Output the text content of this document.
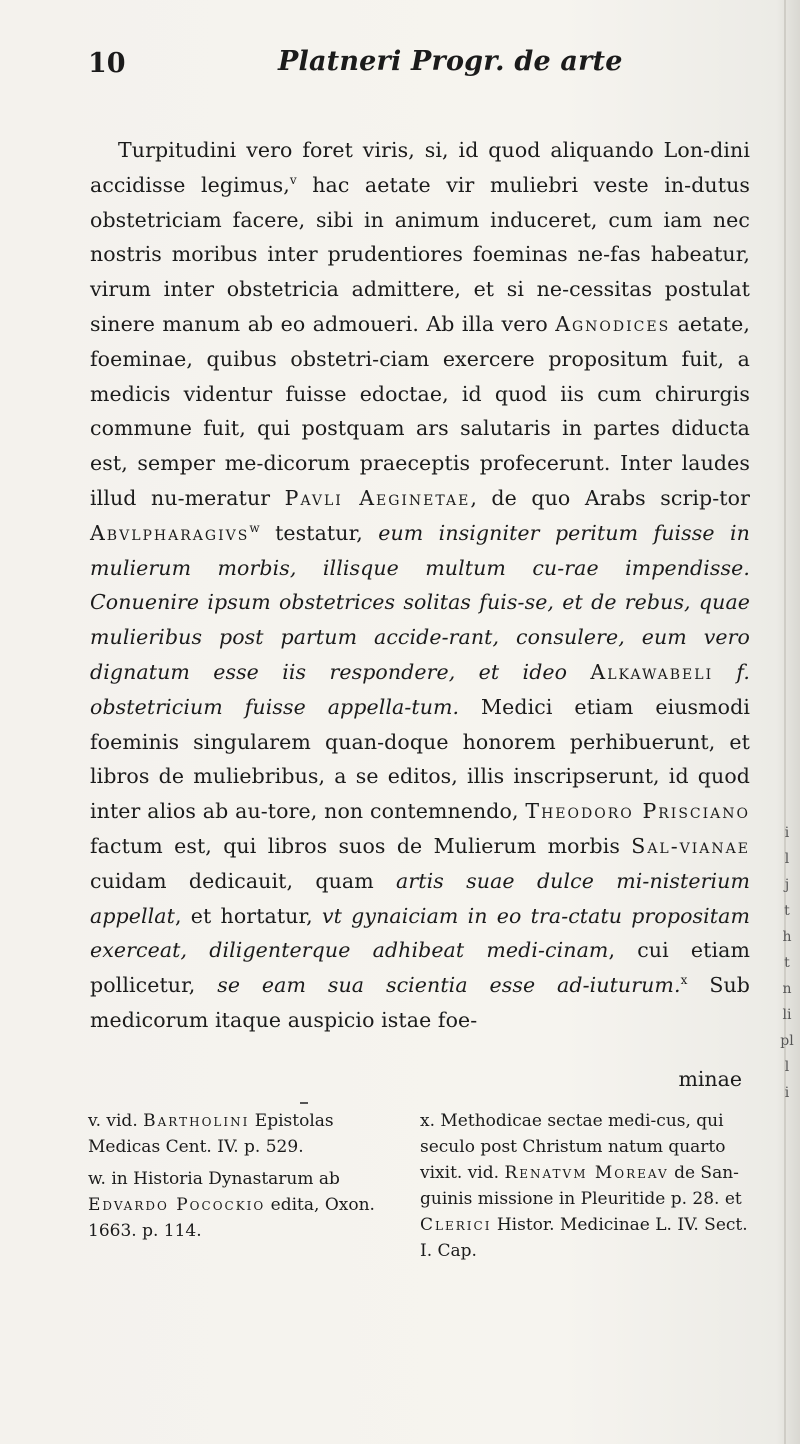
10	Platneri Progr. de arte
Turpitudini vero foret viris, si, id quod aliquando Lon-dini accidisse legimus,$^v$ hac aetate vir muliebri veste in-dutus obstetriciam facere, sibi in animum induceret, cum iam nec nostris moribus inter prudentiores foeminas ne-fas habeatur, virum inter obstetricia admittere, et si ne-cessitas postulat sinere manum ab eo admoueri. Ab illa vero Agnodices aetate, foeminae, quibus obstetri-ciam exercere propositum fuit, a medicis videntur fuisse edoctae, id quod iis cum chirurgis commune fuit, qui postquam ars salutaris in partes diducta est, semper me-dicorum praeceptis profecerunt. Inter laudes illud nu-meratur Pavli Aeginetae, de quo Arabs scrip-tor Abvlpharagivs$^w$ testatur, eum insigniter peritum fuisse in mulierum morbis, illisque multum cu-rae impendisse. Conuenire ipsum obstetrices solitas fuis-se, et de rebus, quae mulieribus post partum accide-rant, consulere, eum vero dignatum esse iis respondere, et ideo Alkawabeli f. obstetricium fuisse appella-tum. Medici etiam eiusmodi foeminis singularem quan-doque honorem perhibuerunt, et libros de muliebribus, a se editos, illis inscripserunt, id quod inter alios ab au-tore, non contemnendo, Theodoro Prisciano factum est, qui libros suos de Mulierum morbis Sal-vianae cuidam dedicauit, quam artis suae dulce mi-nisterium appellat, et hortatur, vt gynaiciam in eo tra-ctatu propositam exerceat, diligenterque adhibeat medi-cinam, cui etiam pollicetur, se eam sua scientia esse ad-iuturum.$^x$ Sub medicorum itaque auspicio istae foe-
minae

v. vid. Bartholini Epistolas Medicas Cent. IV. p. 529.

w. in Historia Dynastarum ab Edvardo Pocockio edita, Oxon. 1663. p. 114.

x. Methodicae sectae medi-cus, qui seculo post Christum natum quarto vixit. vid. Renatvm Moreav de San-guinis missione in Pleuritide p. 28. et Clerici Histor. Medicinae L. IV. Sect. I. Cap.

i
l
j
t
h
t
n
li
pl
l
i
